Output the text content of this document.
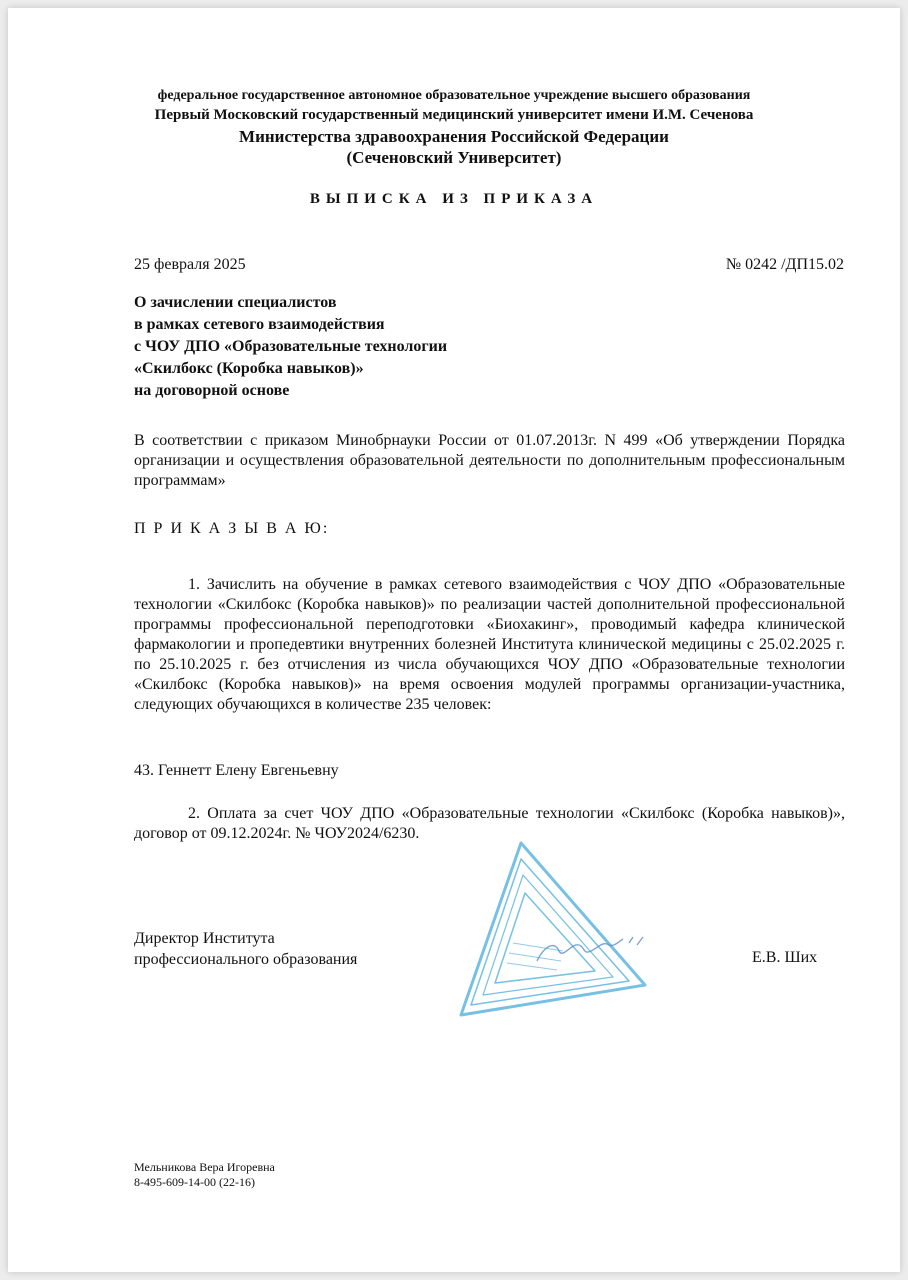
федеральное государственное автономное образовательное учреждение высшего образования
Первый Московский государственный медицинский университет имени И.М. Сеченова
Министерства здравоохранения Российской Федерации
(Сеченовский Университет)
ВЫПИСКА ИЗ ПРИКАЗА
25 февраля 2025	№ 0242 /ДП15.02
О зачислении специалистов
в рамках сетевого взаимодействия
с ЧОУ ДПО «Образовательные технологии
«Скилбокс (Коробка навыков)»
на договорной основе
В соответствии с приказом Минобрнауки России от 01.07.2013г. N 499 «Об утверждении Порядка организации и осуществления образовательной деятельности по дополнительным профессиональным программам»
П Р И К А З Ы В А Ю:
1. Зачислить на обучение в рамках сетевого взаимодействия с ЧОУ ДПО «Образовательные технологии «Скилбокс (Коробка навыков)» по реализации частей дополнительной профессиональной программы профессиональной переподготовки «Биохакинг», проводимый кафедра клинической фармакологии и пропедевтики внутренних болезней Института клинической медицины с 25.02.2025 г. по 25.10.2025 г. без отчисления из числа обучающихся ЧОУ ДПО «Образовательные технологии «Скилбокс (Коробка навыков)» на время освоения модулей программы организации-участника, следующих обучающихся в количестве 235 человек:
43. Геннетт Елену Евгеньевну
2. Оплата за счет ЧОУ ДПО «Образовательные технологии «Скилбокс (Коробка навыков)», договор от 09.12.2024г. № ЧОУ2024/6230.
Директор Института
профессионального образования	Е.В. Ших
Мельникова Вера Игоревна
8-495-609-14-00 (22-16)
